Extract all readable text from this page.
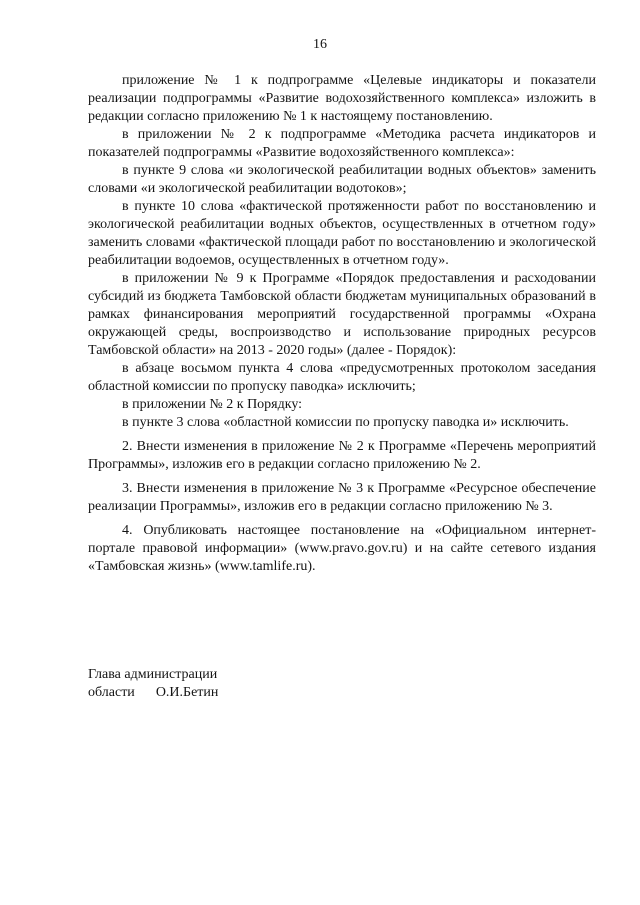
16

приложение № 1 к подпрограмме «Целевые индикаторы и показатели реализации подпрограммы «Развитие водохозяйственного комплекса» изложить в редакции согласно приложению № 1 к настоящему постановлению.

в приложении № 2 к подпрограмме «Методика расчета индикаторов и показателей подпрограммы «Развитие водохозяйственного комплекса»:

в пункте 9 слова «и экологической реабилитации водных объектов» заменить словами «и экологической реабилитации водотоков»;

в пункте 10 слова «фактической протяженности работ по восстановлению и экологической реабилитации водных объектов, осуществленных в отчетном году» заменить словами «фактической площади работ по восстановлению и экологической реабилитации водоемов, осуществленных в отчетном году».

в приложении № 9 к Программе «Порядок предоставления и расходовании субсидий из бюджета Тамбовской области бюджетам муниципальных образований в рамках финансирования мероприятий государственной программы «Охрана окружающей среды, воспроизводство и использование природных ресурсов Тамбовской области» на 2013 - 2020 годы» (далее - Порядок):

в абзаце восьмом пункта 4 слова «предусмотренных протоколом заседания областной комиссии по пропуску паводка» исключить;

в приложении № 2 к Порядку:

в пункте 3 слова «областной комиссии по пропуску паводка и» исключить.

2. Внести изменения в приложение № 2 к Программе «Перечень мероприятий Программы», изложив его в редакции согласно приложению № 2.

3. Внести изменения в приложение № 3 к Программе «Ресурсное обеспечение реализации Программы», изложив его в редакции согласно приложению № 3.

4. Опубликовать настоящее постановление на «Официальном интернет-портале правовой информации» (www.pravo.gov.ru) и на сайте сетевого издания «Тамбовская жизнь» (www.tamlife.ru).

Глава администрации
области О.И.Бетин
